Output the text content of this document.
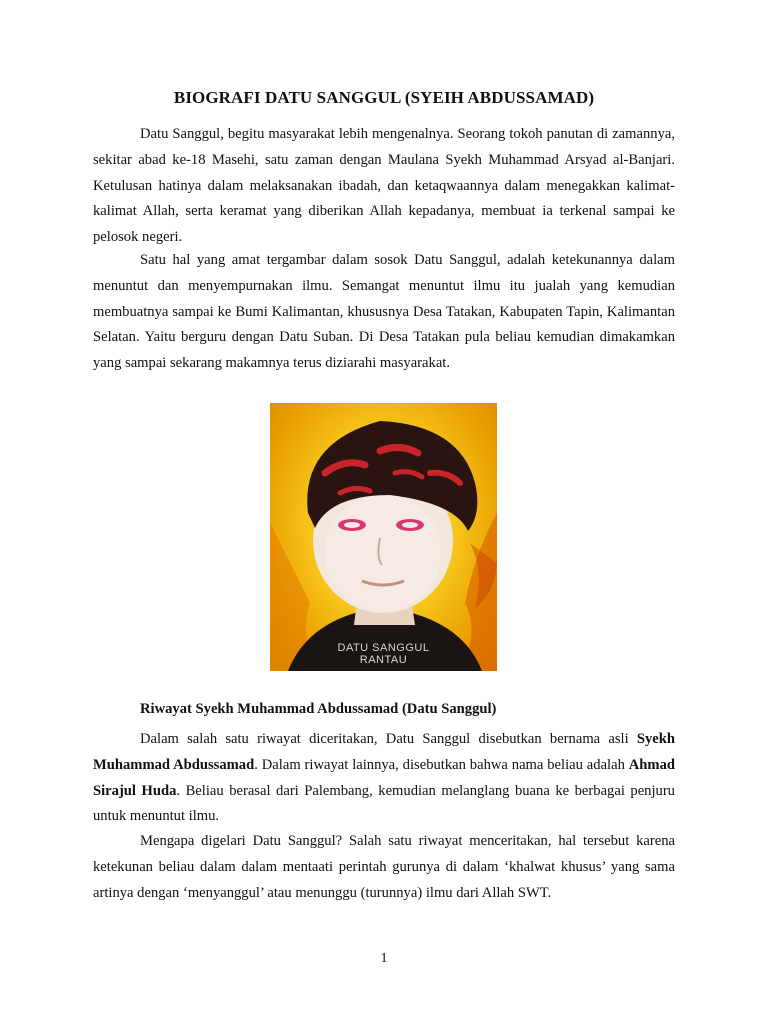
BIOGRAFI DATU SANGGUL (SYEIH ABDUSSAMAD)

Datu Sanggul, begitu masyarakat lebih mengenalnya. Seorang tokoh panutan di zamannya, sekitar abad ke-18 Masehi, satu zaman dengan Maulana Syekh Muhammad Arsyad al-Banjari. Ketulusan hatinya dalam melaksanakan ibadah, dan ketaqwaannya dalam menegakkan kalimat-kalimat Allah, serta keramat yang diberikan Allah kepadanya, membuat ia terkenal sampai ke pelosok negeri.

Satu hal yang amat tergambar dalam sosok Datu Sanggul, adalah ketekunannya dalam menuntut dan menyempurnakan ilmu. Semangat menuntut ilmu itu jualah yang kemudian membuatnya sampai ke Bumi Kalimantan, khususnya Desa Tatakan, Kabupaten Tapin, Kalimantan Selatan. Yaitu berguru dengan Datu Suban. Di Desa Tatakan pula beliau kemudian dimakamkan yang sampai sekarang makamnya terus diziarahi masyarakat.

DATU SANGGUL
RANTAU
Riwayat Syekh Muhammad Abdussamad (Datu Sanggul)

Dalam salah satu riwayat diceritakan, Datu Sanggul disebutkan bernama asli Syekh Muhammad Abdussamad. Dalam riwayat lainnya, disebutkan bahwa nama beliau adalah Ahmad Sirajul Huda. Beliau berasal dari Palembang, kemudian melanglang buana ke berbagai penjuru untuk menuntut ilmu.

Mengapa digelari Datu Sanggul? Salah satu riwayat menceritakan, hal tersebut karena ketekunan beliau dalam dalam mentaati perintah gurunya di dalam ‘khalwat khusus’ yang sama artinya dengan ‘menyanggul’ atau menunggu (turunnya) ilmu dari Allah SWT.

1
